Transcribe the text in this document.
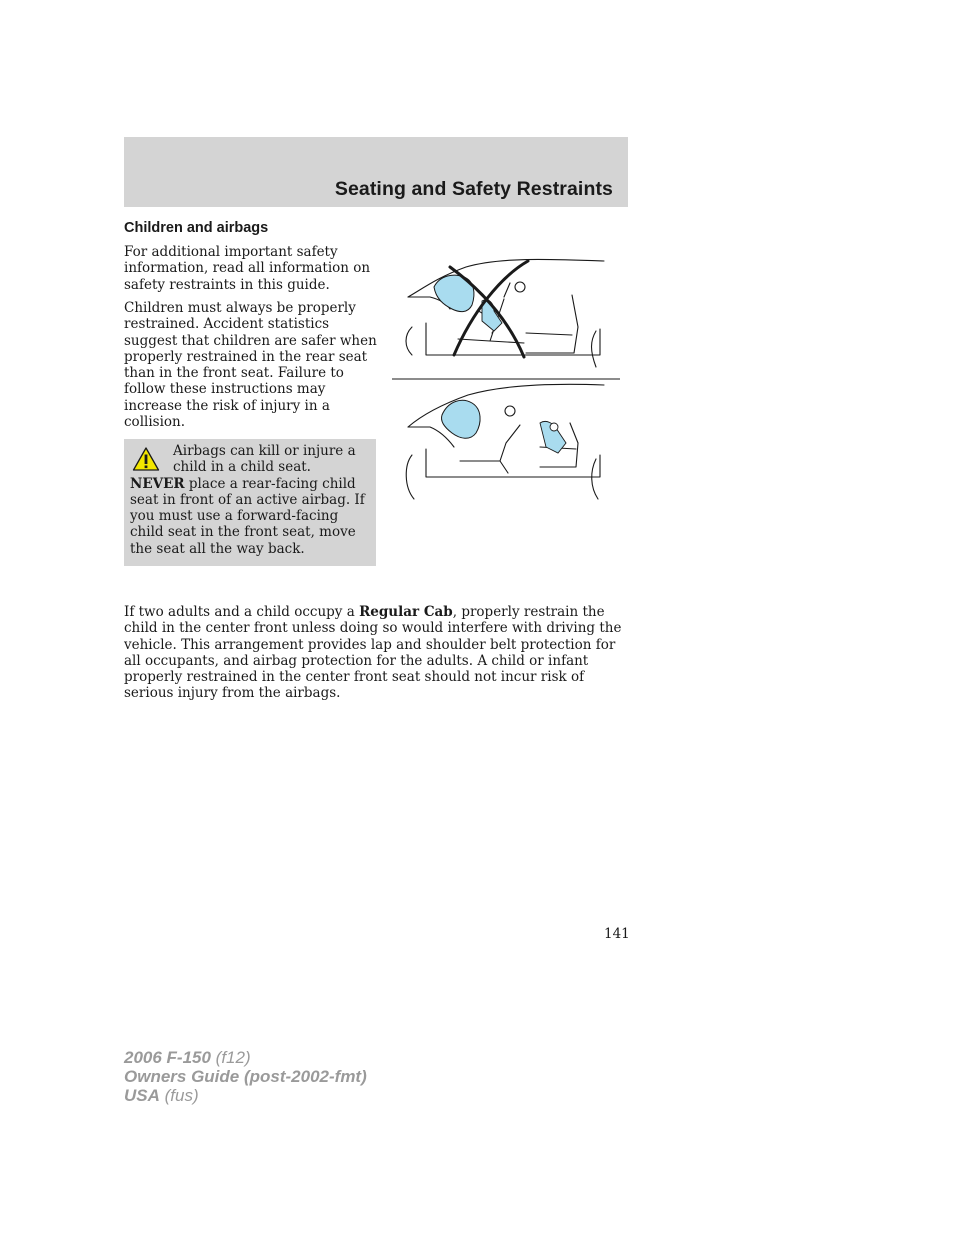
Seating and Safety Restraints
Children and airbags

For additional important safety information, read all information on safety restraints in this guide.

Children must always be properly restrained. Accident statistics suggest that children are safer when properly restrained in the rear seat than in the front seat. Failure to follow these instructions may increase the risk of injury in a collision.

Airbags can kill or injure a
child in a child seat.
NEVER place a rear-facing child seat in front of an active airbag. If you must use a forward-facing child seat in the front seat, move the seat all the way back.

If two adults and a child occupy a Regular Cab, properly restrain the child in the center front unless doing so would interfere with driving the vehicle. This arrangement provides lap and shoulder belt protection for all occupants, and airbag protection for the adults. A child or infant properly restrained in the center front seat should not incur risk of serious injury from the airbags.

141

2006 F-150 (f12)
Owners Guide (post-2002-fmt)
USA (fus)
